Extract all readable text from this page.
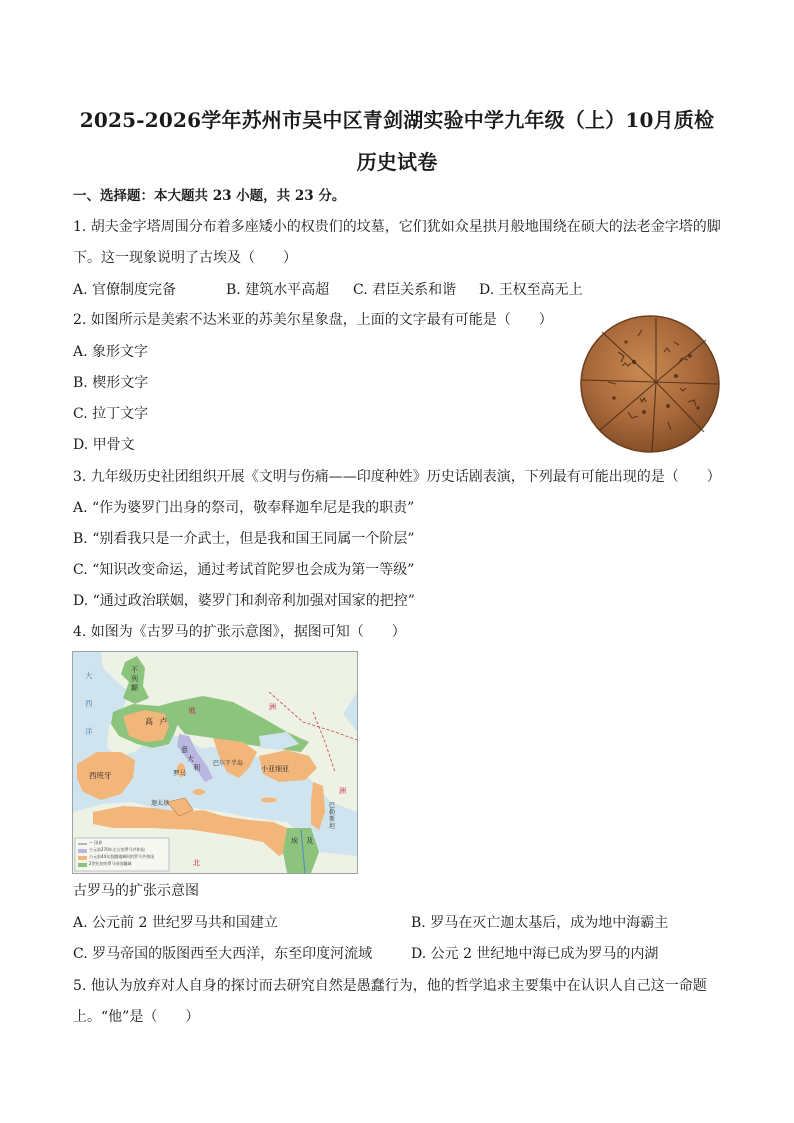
2025-2026学年苏州市吴中区青剑湖实验中学九年级（上）10月质检
历史试卷
一、选择题：本大题共 23 小题，共 23 分。
1. 胡夫金字塔周围分布着多座矮小的权贵们的坟墓，它们犹如众星拱月般地围绕在硕大的法老金字塔的脚
下。这一现象说明了古埃及（　　）
A. 官僚制度完备	B. 建筑水平高超 C. 君臣关系和谐 D. 王权至高无上
2. 如图所示是美索不达米亚的苏美尔星象盘，上面的文字最有可能是（　　）
A. 象形文字
B. 楔形文字
C. 拉丁文字
D. 甲骨文
3. 九年级历史社团组织开展《文明与伤痛——印度种姓》历史话剧表演，下列最有可能出现的是（　　）
A. “作为婆罗门出身的祭司，敬奉释迦牟尼是我的职责”
B. “别看我只是一介武士，但是我和国王同属一个阶层”
C. “知识改变命运，通过考试首陀罗也会成为第一等级”
D. “通过政治联姻，婆罗门和刹帝利加强对国家的把控”
4. 如图为《古罗马的扩张示意图》，据图可知（　　）
大
西
洋
不
列
颠
高 卢
欧	洲
西班牙
意
大
利
罗马
巴尔干半岛
小亚细亚
洲
迦太基	巴
勒
斯
坦
埃 及
北
— 国界
公元前270年左右的罗马共和国
公元前44年凯撒遇刺时的罗马共和国
2世纪初的罗马帝国疆域
古罗马的扩张示意图
A. 公元前 2 世纪罗马共和国建立	B. 罗马在灭亡迦太基后，成为地中海霸主
C. 罗马帝国的版图西至大西洋，东至印度河流域	D. 公元 2 世纪地中海已成为罗马的内湖
5. 他认为放弃对人自身的探讨而去研究自然是愚蠢行为，他的哲学追求主要集中在认识人自己这一命题
上。“他”是（　　）
